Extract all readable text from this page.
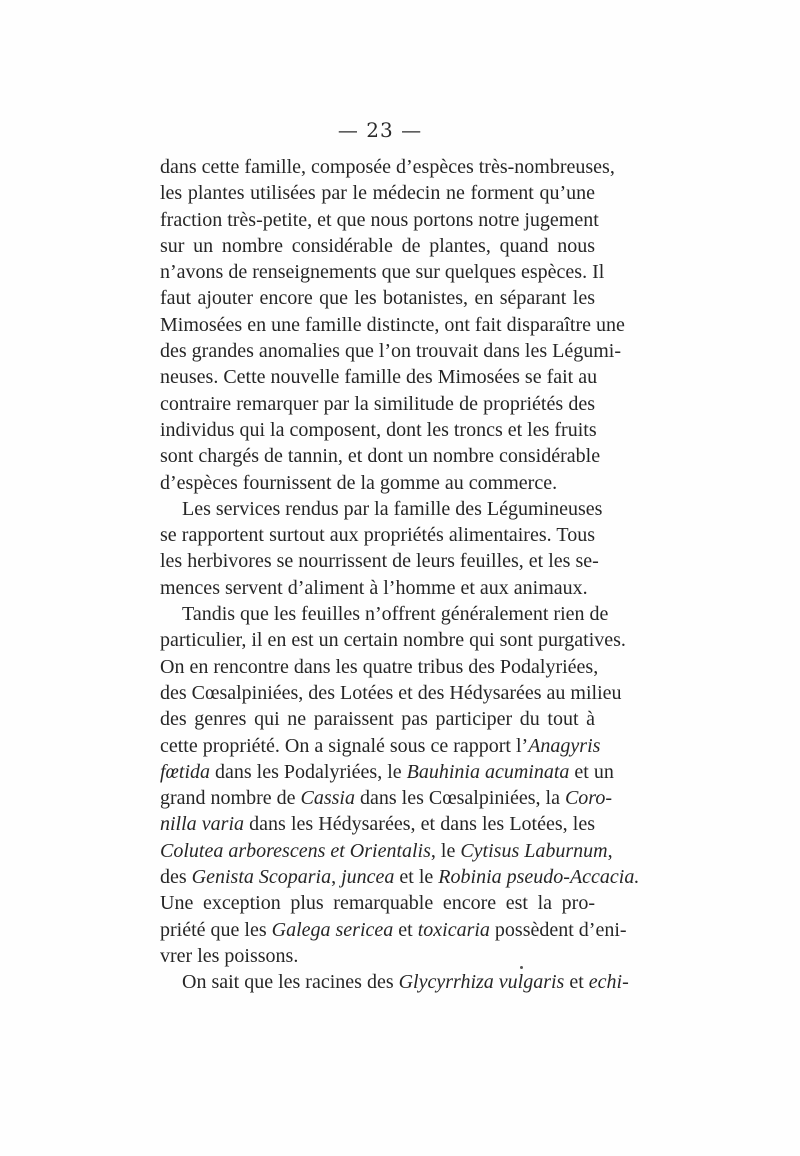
— 23 —
dans cette famille, composée d’espèces très-nombreuses,
les plantes utilisées par le médecin ne forment qu’une
fraction très-petite, et que nous portons notre jugement
sur un nombre considérable de plantes, quand nous
n’avons de renseignements que sur quelques espèces. Il
faut ajouter encore que les botanistes, en séparant les
Mimosées en une famille distincte, ont fait disparaître une
des grandes anomalies que l’on trouvait dans les Légumi-
neuses. Cette nouvelle famille des Mimosées se fait au
contraire remarquer par la similitude de propriétés des
individus qui la composent, dont les troncs et les fruits
sont chargés de tannin, et dont un nombre considérable
d’espèces fournissent de la gomme au commerce.
Les services rendus par la famille des Légumineuses
se rapportent surtout aux propriétés alimentaires. Tous
les herbivores se nourrissent de leurs feuilles, et les se-
mences servent d’aliment à l’homme et aux animaux.
Tandis que les feuilles n’offrent généralement rien de
particulier, il en est un certain nombre qui sont purgatives.
On en rencontre dans les quatre tribus des Podalyriées,
des Cœsalpiniées, des Lotées et des Hédysarées au milieu
des genres qui ne paraissent pas participer du tout à
cette propriété. On a signalé sous ce rapport l’Anagyris
fœtida dans les Podalyriées, le Bauhinia acuminata et un
grand nombre de Cassia dans les Cœsalpiniées, la Coro-
nilla varia dans les Hédysarées, et dans les Lotées, les
Colutea arborescens et Orientalis, le Cytisus Laburnum,
des Genista Scoparia, juncea et le Robinia pseudo-Accacia.
Une exception plus remarquable encore est la pro-
priété que les Galega sericea et toxicaria possèdent d’eni-
vrer les poissons.
On sait que les racines des Glycyrrhiza vulgaris et echi-
